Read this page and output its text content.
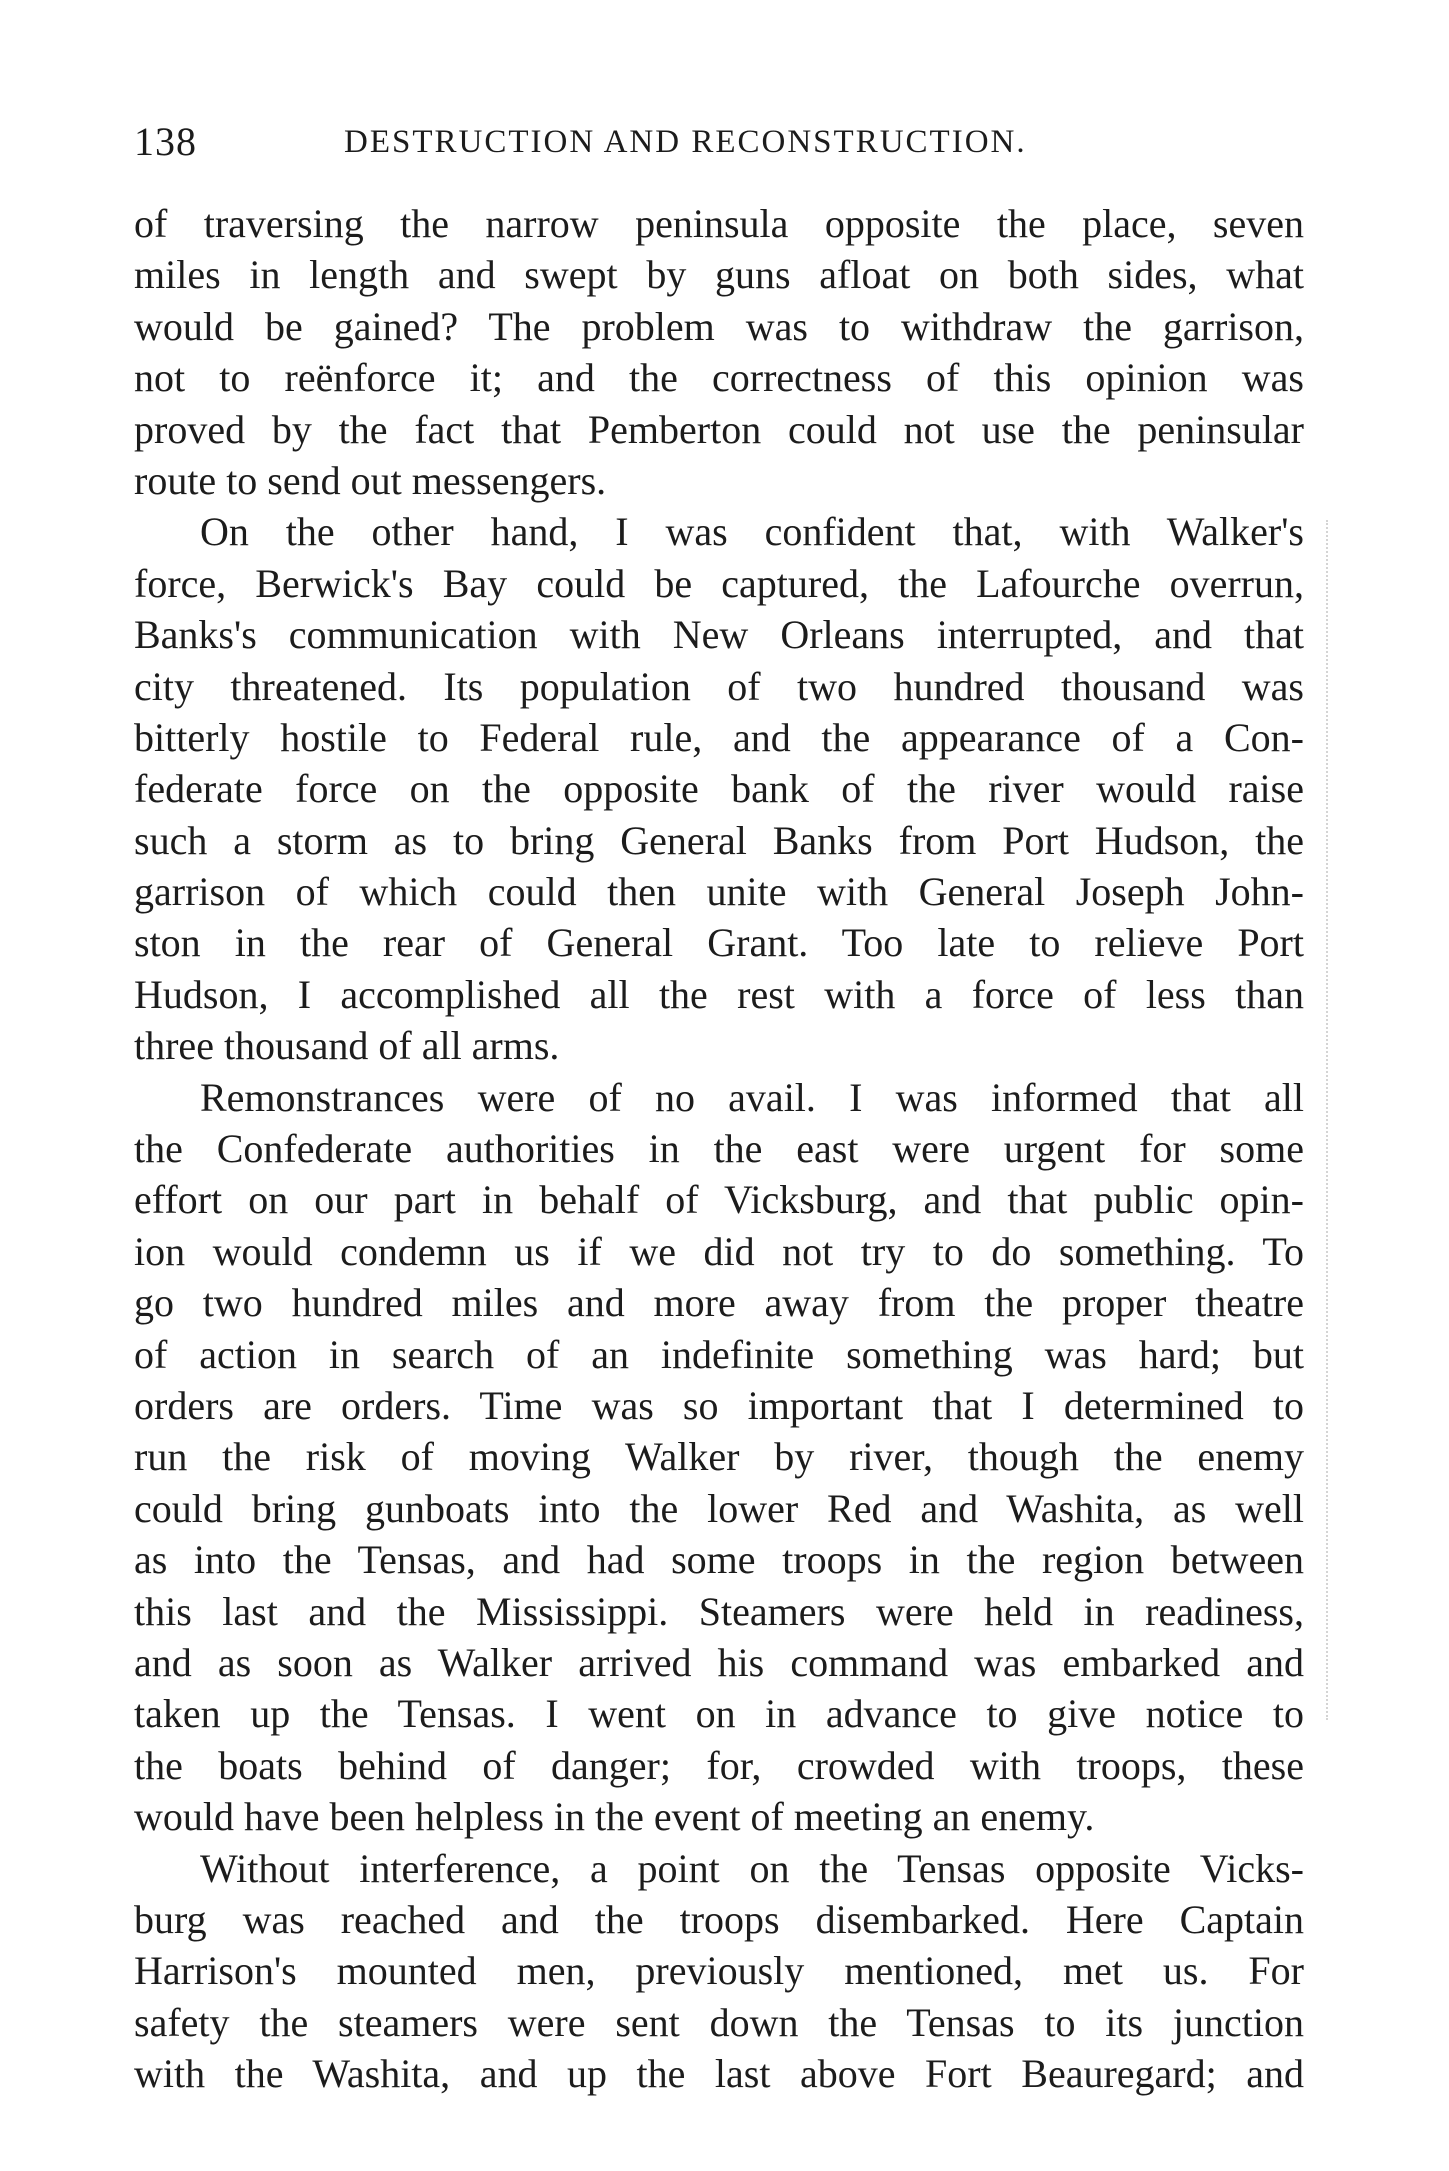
138	DESTRUCTION AND RECONSTRUCTION.
of traversing the narrow peninsula opposite the place, seven
miles in length and swept by guns afloat on both sides, what
would be gained? The problem was to withdraw the garrison,
not to reënforce it; and the correctness of this opinion was
proved by the fact that Pemberton could not use the peninsular
route to send out messengers.
On the other hand, I was confident that, with Walker's
force, Berwick's Bay could be captured, the Lafourche overrun,
Banks's communication with New Orleans interrupted, and that
city threatened. Its population of two hundred thousand was
bitterly hostile to Federal rule, and the appearance of a Con-
federate force on the opposite bank of the river would raise
such a storm as to bring General Banks from Port Hudson, the
garrison of which could then unite with General Joseph John-
ston in the rear of General Grant. Too late to relieve Port
Hudson, I accomplished all the rest with a force of less than
three thousand of all arms.
Remonstrances were of no avail. I was informed that all
the Confederate authorities in the east were urgent for some
effort on our part in behalf of Vicksburg, and that public opin-
ion would condemn us if we did not try to do something. To
go two hundred miles and more away from the proper theatre
of action in search of an indefinite something was hard; but
orders are orders. Time was so important that I determined to
run the risk of moving Walker by river, though the enemy
could bring gunboats into the lower Red and Washita, as well
as into the Tensas, and had some troops in the region between
this last and the Mississippi. Steamers were held in readiness,
and as soon as Walker arrived his command was embarked and
taken up the Tensas. I went on in advance to give notice to
the boats behind of danger; for, crowded with troops, these
would have been helpless in the event of meeting an enemy.
Without interference, a point on the Tensas opposite Vicks-
burg was reached and the troops disembarked. Here Captain
Harrison's mounted men, previously mentioned, met us. For
safety the steamers were sent down the Tensas to its junction
with the Washita, and up the last above Fort Beauregard; and
